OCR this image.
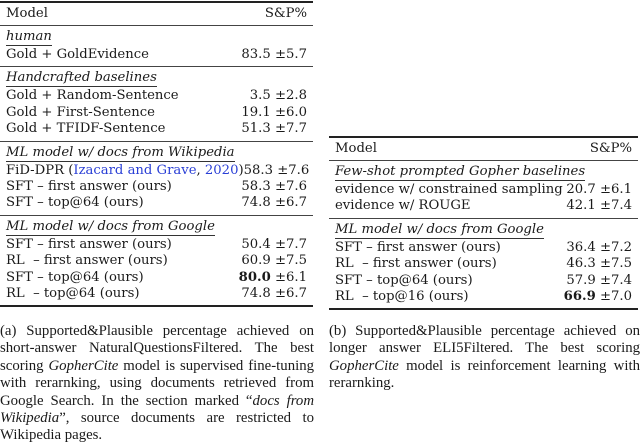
Model	S&P%
human
Gold + GoldEvidence	83.5 ±5.7
Handcrafted baselines
Gold + Random-Sentence	3.5 ±2.8
Gold + First-Sentence	19.1 ±6.0
Gold + TFIDF-Sentence	51.3 ±7.7
ML model w/ docs from Wikipedia
FiD-DPR (Izacard and Grave, 2020) 58.3 ±7.6
SFT – first answer (ours)	58.3 ±7.6
SFT – top@64 (ours)	74.8 ±6.7
ML model w/ docs from Google
SFT – first answer (ours)	50.4 ±7.7
RL  – first answer (ours)	60.9 ±7.5
SFT – top@64 (ours)	80.0 ±6.1
RL  – top@64 (ours)	74.8 ±6.7
(a) Supported&Plausible percentage achieved on short-answer NaturalQuestionsFiltered. The best scoring GopherCite model is supervised fine-tuning with rerarnking, using documents retrieved from Google Search. In the section marked “docs from Wikipedia”, source documents are restricted to Wikipedia pages.
Model	S&P%
Few-shot prompted Gopher baselines
evidence w/ constrained sampling 20.7 ±6.1
evidence w/ ROUGE	42.1 ±7.4
ML model w/ docs from Google
SFT – first answer (ours)	36.4 ±7.2
RL  – first answer (ours)	46.3 ±7.5
SFT – top@64 (ours)	57.9 ±7.4
RL  – top@16 (ours)	66.9 ±7.0
(b) Supported&Plausible percentage achieved on longer answer ELI5Filtered. The best scoring GopherCite model is reinforcement learning with rerarnking.
